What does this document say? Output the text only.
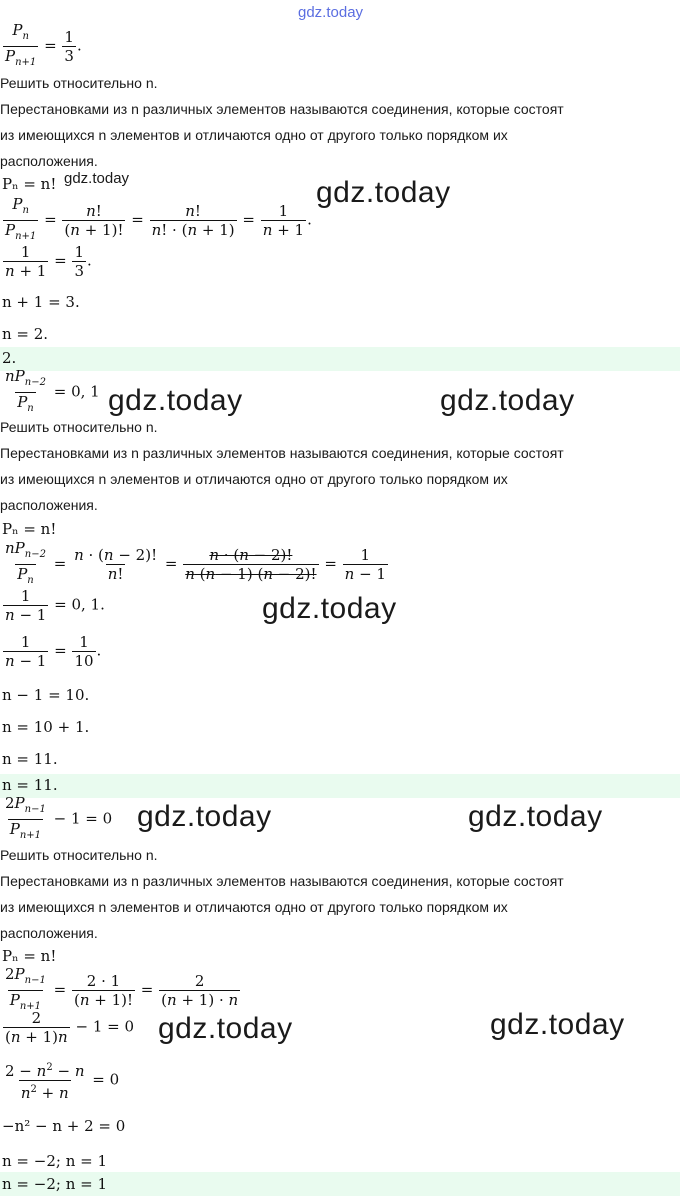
gdz.today
$\frac{P_n}{P_{n+1}} = \frac{1}{3}$ .
Решить относительно n.
Перестановками из n различных элементов называются соединения, которые состоят
из имеющихся n элементов и отличаются одно от другого только порядком их
расположения.
Pₙ = n! gdz.today
$\frac{P_n}{P_{n+1}} = \frac{n!}{(n + 1)!} = \frac{n!}{n! \cdot (n + 1)} = \frac{1}{n + 1}$ .
gdz.today
$\frac{1}{n + 1} = \frac{1}{3}$ .
n + 1 = 3.
n = 2.
2.
$\frac{nP_{n-2}}{P_n} = 0$, 1 gdz.today	gdz.today
Решить относительно n.
Перестановками из n различных элементов называются соединения, которые состоят
из имеющихся n элементов и отличаются одно от другого только порядком их
расположения.
Pₙ = n!
$\frac{nP_{n-2}}{P_n} = \frac{n \cdot (n - 2)!}{n!} = \frac{n \cdot (n - 2)!}{n (n - 1) (n - 2)!} = \frac{1}{n - 1}$
$\frac{1}{n - 1} = 0$, 1.	gdz.today
$\frac{1}{n - 1} = \frac{1}{10}$ .
n − 1 = 10.
n = 10 + 1.
n = 11.
n = 11.
$\frac{2P_{n-1}}{P_{n+1}} - 1 = 0$ gdz.today	gdz.today
Решить относительно n.
Перестановками из n различных элементов называются соединения, которые состоят
из имеющихся n элементов и отличаются одно от другого только порядком их
расположения.
Pₙ = n!
$\frac{2P_{n-1}}{P_{n+1}} = \frac{2 \cdot 1}{(n + 1)!} = \frac{2}{(n + 1) \cdot n}$
$\frac{2}{(n + 1)n} - 1 = 0$ gdz.today	gdz.today
$\frac{2 - n^2 - n}{n^2 + n} = 0$
−n² − n + 2 = 0
n = −2; n = 1
n = −2; n = 1
